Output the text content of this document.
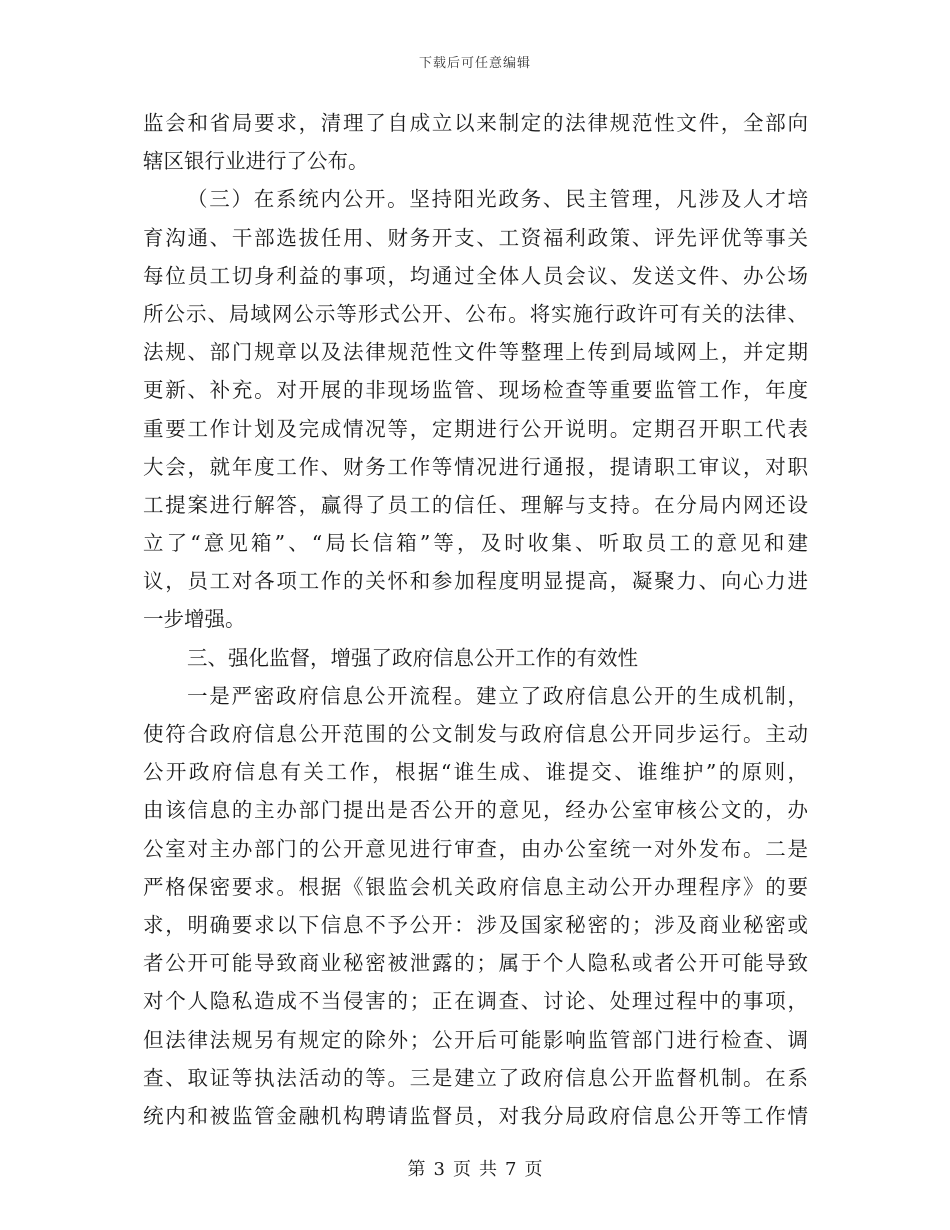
下载后可任意编辑
监会和省局要求，清理了自成立以来制定的法律规范性文件，全部向
辖区银行业进行了公布。
（三）在系统内公开。坚持阳光政务、民主管理，凡涉及人才培
育沟通、干部选拔任用、财务开支、工资福利政策、评先评优等事关
每位员工切身利益的事项，均通过全体人员会议、发送文件、办公场
所公示、局域网公示等形式公开、公布。将实施行政许可有关的法律、
法规、部门规章以及法律规范性文件等整理上传到局域网上，并定期
更新、补充。对开展的非现场监管、现场检查等重要监管工作，年度
重要工作计划及完成情况等，定期进行公开说明。定期召开职工代表
大会，就年度工作、财务工作等情况进行通报，提请职工审议，对职
工提案进行解答，赢得了员工的信任、理解与支持。在分局内网还设
立了“意见箱”、“局长信箱”等，及时收集、听取员工的意见和建
议，员工对各项工作的关怀和参加程度明显提高，凝聚力、向心力进
一步增强。
三、强化监督，增强了政府信息公开工作的有效性
一是严密政府信息公开流程。建立了政府信息公开的生成机制，
使符合政府信息公开范围的公文制发与政府信息公开同步运行。主动
公开政府信息有关工作，根据“谁生成、谁提交、谁维护”的原则，
由该信息的主办部门提出是否公开的意见，经办公室审核公文的，办
公室对主办部门的公开意见进行审查，由办公室统一对外发布。二是
严格保密要求。根据《银监会机关政府信息主动公开办理程序》的要
求，明确要求以下信息不予公开：涉及国家秘密的；涉及商业秘密或
者公开可能导致商业秘密被泄露的；属于个人隐私或者公开可能导致
对个人隐私造成不当侵害的；正在调查、讨论、处理过程中的事项，
但法律法规另有规定的除外；公开后可能影响监管部门进行检查、调
查、取证等执法活动的等。三是建立了政府信息公开监督机制。在系
统内和被监管金融机构聘请监督员，对我分局政府信息公开等工作情
第 3 页 共 7 页
